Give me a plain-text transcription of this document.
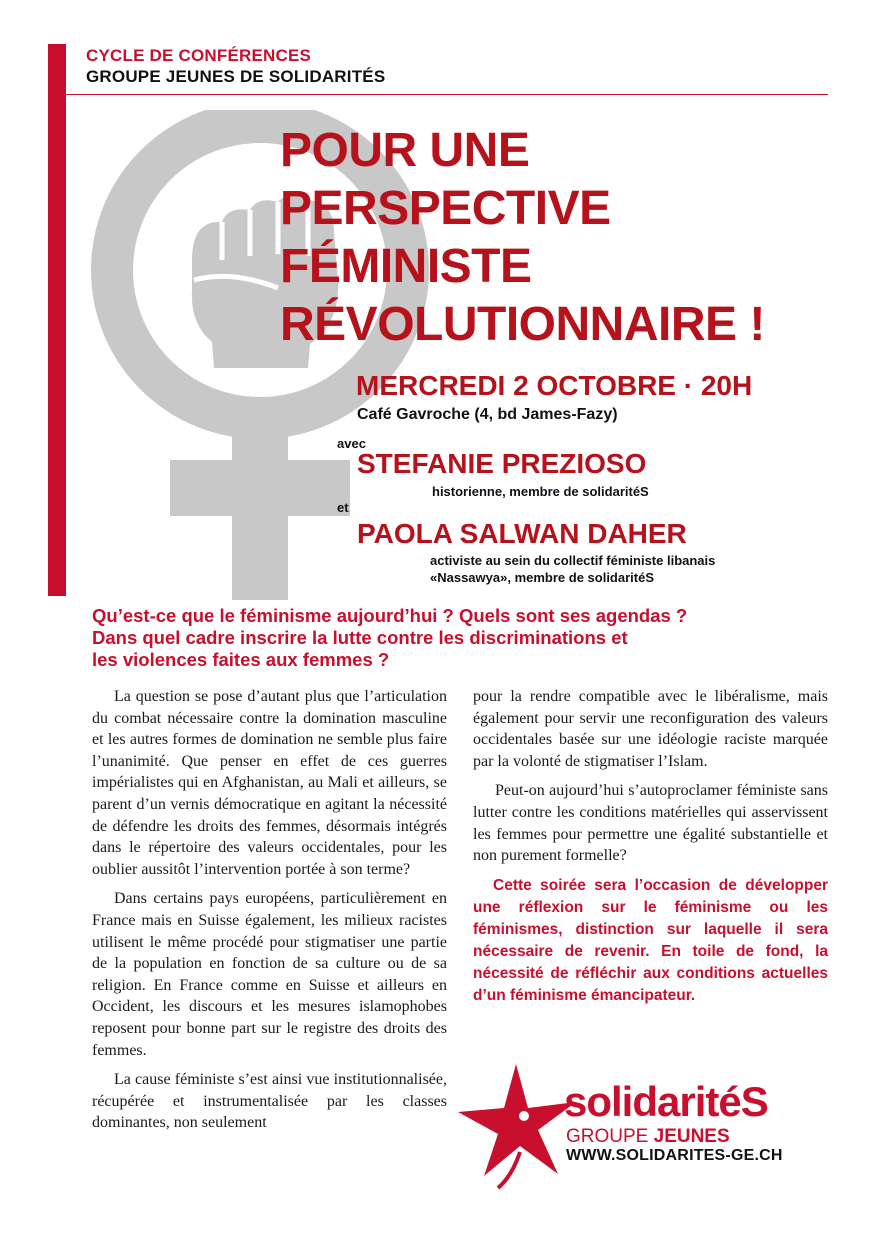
CYCLE DE CONFÉRENCES
GROUPE JEUNES DE SOLIDARITÉS
POUR UNE
PERSPECTIVE
FÉMINISTE
RÉVOLUTIONNAIRE !
MERCREDI 2 OCTOBRE · 20H
Café Gavroche (4, bd James-Fazy)
avec
STEFANIE PREZIOSO
historienne, membre de solidaritéS
et
PAOLA SALWAN DAHER
activiste au sein du collectif féministe libanais
«Nassawya», membre de solidaritéS
Qu’est-ce que le féminisme aujourd’hui ? Quels sont ses agendas ?
Dans quel cadre inscrire la lutte contre les discriminations et
les violences faites aux femmes ?

La question se pose d’autant plus que l’articulation du combat nécessaire contre la domination masculine et les autres formes de domination ne semble plus faire l’unanimité. Que penser en effet de ces guerres impérialistes qui en Afghanistan, au Mali et ailleurs, se parent d’un vernis démocratique en agitant la nécessité de défendre les droits des femmes, désormais intégrés dans le répertoire des valeurs occidentales, pour les oublier aussitôt l’intervention portée à son terme?

Dans certains pays européens, particulièrement en France mais en Suisse également, les milieux racistes utilisent le même procédé pour stigmatiser une partie de la population en fonction de sa culture ou de sa religion. En France comme en Suisse et ailleurs en Occident, les discours et les mesures islamophobes reposent pour bonne part sur le registre des droits des femmes.

La cause féministe s’est ainsi vue institutionnalisée, récupérée et instrumentalisée par les classes dominantes, non seulement

pour la rendre compatible avec le libéralisme, mais également pour servir une reconfiguration des valeurs occidentales basée sur une idéologie raciste marquée par la volonté de stigmatiser l’Islam.

Peut-on aujourd’hui s’autoproclamer féministe sans lutter contre les conditions matérielles qui asservissent les femmes pour permettre une égalité substantielle et non purement formelle?

Cette soirée sera l’occasion de développer une réflexion sur le féminisme ou les féminismes, distinction sur laquelle il sera nécessaire de revenir. En toile de fond, la nécessité de réfléchir aux conditions actuelles d’un féminisme émancipateur.

solidaritéS
GROUPE JEUNES
WWW.SOLIDARITES-GE.CH
